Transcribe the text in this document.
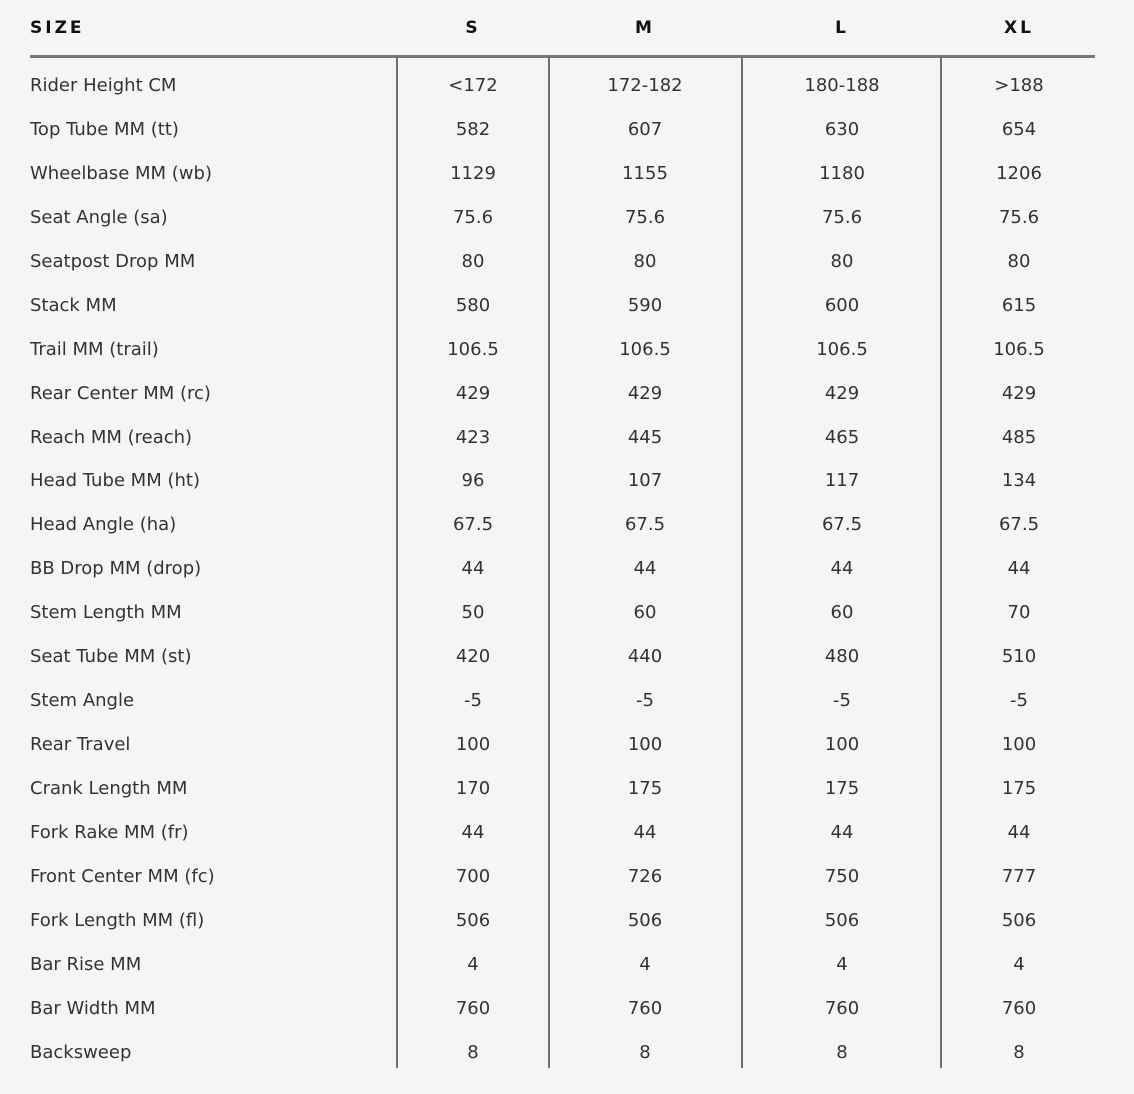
SIZE	S	M	L	XL
Rider Height CM	<172	172-182	180-188	>188
Top Tube MM (tt)	582	607	630	654
Wheelbase MM (wb)	1129	1155	1180	1206
Seat Angle (sa)	75.6	75.6	75.6	75.6
Seatpost Drop MM	80	80	80	80
Stack MM	580	590	600	615
Trail MM (trail)	106.5	106.5	106.5	106.5
Rear Center MM (rc)	429	429	429	429
Reach MM (reach)	423	445	465	485
Head Tube MM (ht)	96	107	117	134
Head Angle (ha)	67.5	67.5	67.5	67.5
BB Drop MM (drop)	44	44	44	44
Stem Length MM	50	60	60	70
Seat Tube MM (st)	420	440	480	510
Stem Angle	-5	-5	-5	-5
Rear Travel	100	100	100	100
Crank Length MM	170	175	175	175
Fork Rake MM (fr)	44	44	44	44
Front Center MM (fc)	700	726	750	777
Fork Length MM (fl)	506	506	506	506
Bar Rise MM	4	4	4	4
Bar Width MM	760	760	760	760
Backsweep	8	8	8	8
